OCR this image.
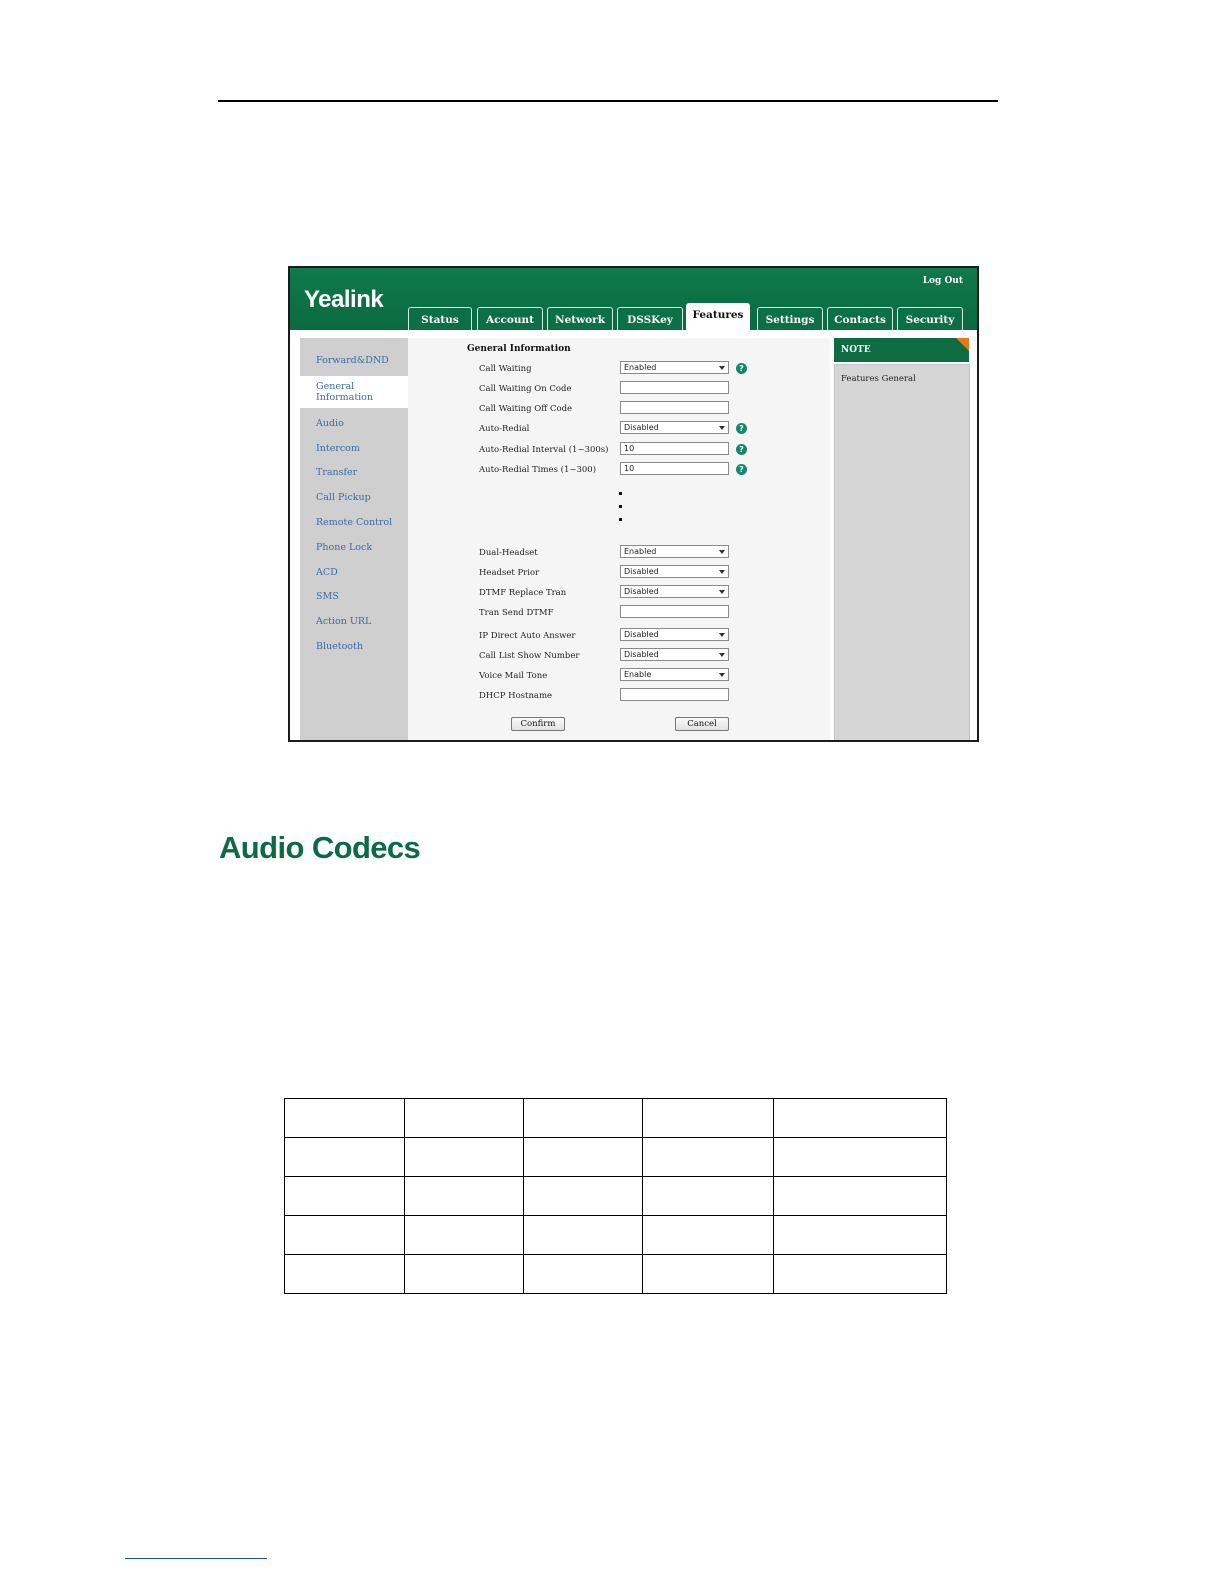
Yealink
Log Out
Status	Account	Network	DSSKey	Features	Settings	Contacts	Security
Forward&DND
General Information
Audio
Intercom
Transfer
Call Pickup
Remote Control
Phone Lock
ACD
SMS
Action URL
Bluetooth
General Information
Call Waiting	Enabled	?
Call Waiting On Code
Call Waiting Off Code
Auto-Redial	Disabled	?
Auto-Redial Interval (1~300s)	10	?
Auto-Redial Times (1~300)	10	?
Dual-Headset	Enabled
Headset Prior	Disabled
DTMF Replace Tran	Disabled
Tran Send DTMF
IP Direct Auto Answer	Disabled
Call List Show Number	Disabled
Voice Mail Tone	Enable
DHCP Hostname
Confirm	Cancel
NOTE
Features General
Audio Codecs
